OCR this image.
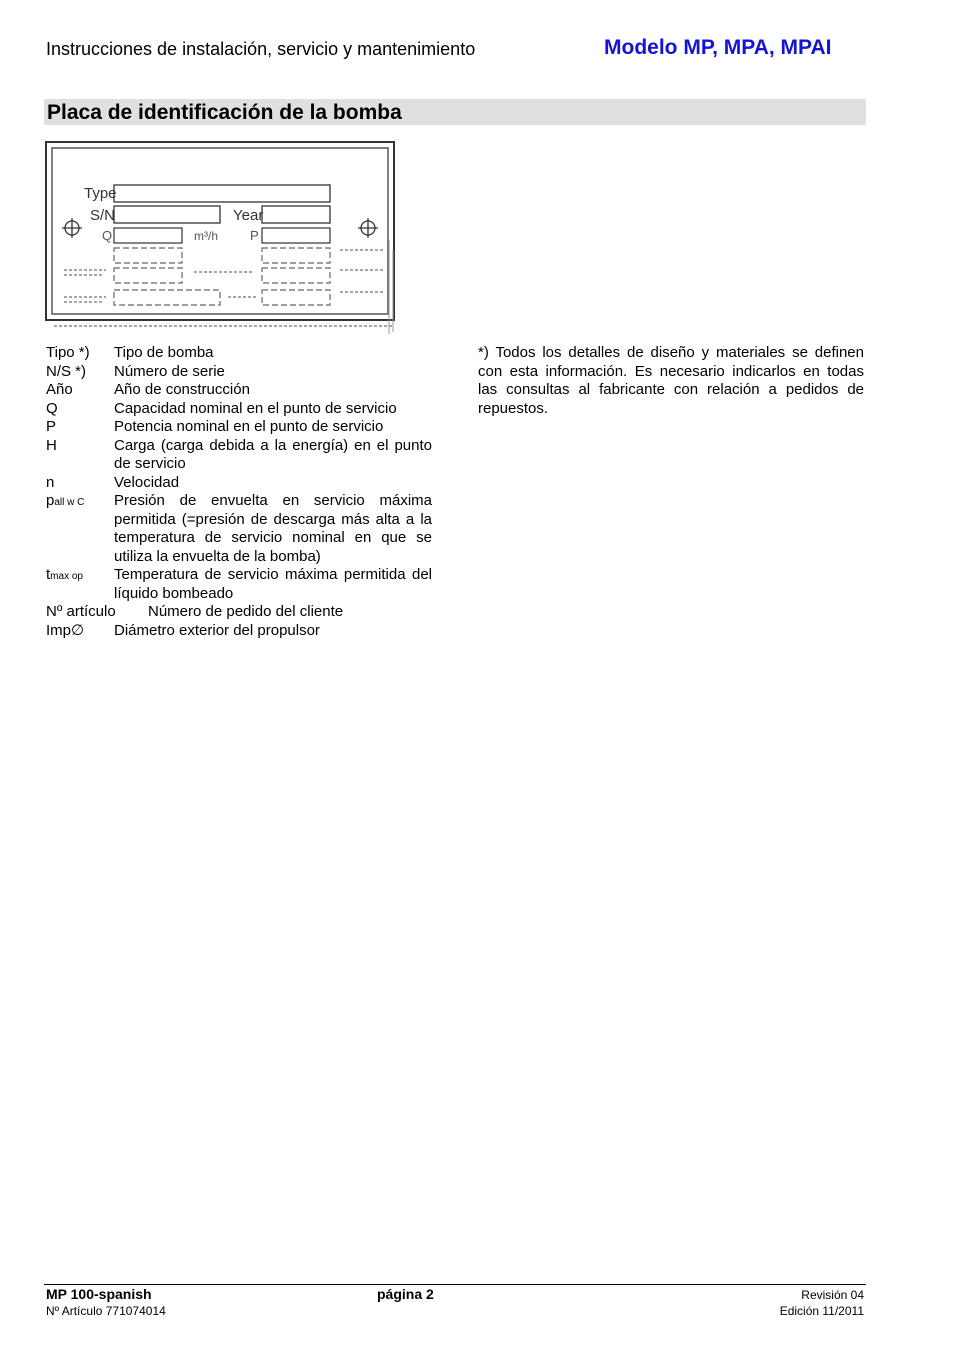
Instrucciones de instalación, servicio y mantenimiento	Modelo MP, MPA, MPAI
Placa de identificación de la bomba
Type
S/N	Year
Q	m³/h P
Tipo *)	Tipo de bomba
N/S *)	Número de serie
Año	Año de construcción
Q	Capacidad nominal en el punto de servicio
P	Potencia nominal en el punto de servicio
H	Carga (carga debida a la energía) en el punto de servicio
n	Velocidad
pall w C	Presión de envuelta en servicio máxima permitida (=presión de descarga más alta a la temperatura de servicio nominal en que se utiliza la envuelta de la bomba)
tmax op	Temperatura de servicio máxima permitida del líquido bombeado
Nº artículo	Número de pedido del cliente
Imp∅	Diámetro exterior del propulsor
*) Todos los detalles de diseño y materiales se definen con esta información. Es necesario indicarlos en todas las consultas al fabricante con relación a pedidos de repuestos.
MP 100-spanish
Nº Artículo 771074014
página 2	Revisión 04
Edición 11/2011
